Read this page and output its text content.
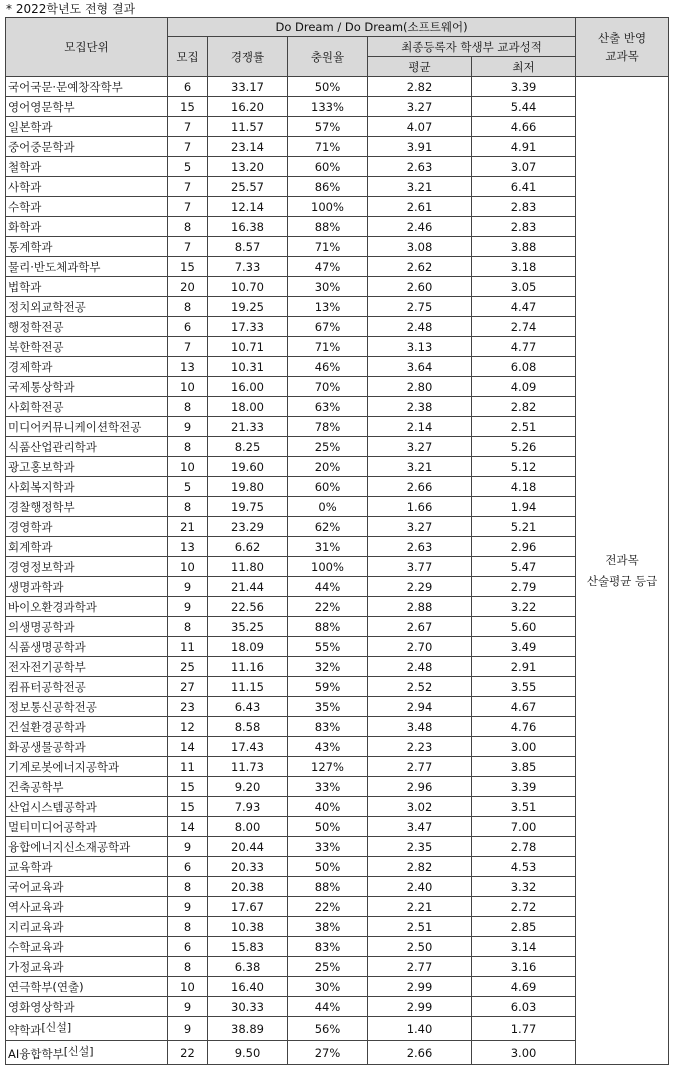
* 2022학년도 전형 결과
모집단위	Do Dream / Do Dream(소프트웨어)					산출 반영
교과목
	모집	경쟁률	충원율	최종등록자 학생부 교과성적		
				평균	최저	
국어국문·문예창작학부	6	33.17	50%	2.82	3.39	전과목
산술평균 등급
영어영문학부	15	16.20	133%	3.27	5.44	
일본학과	7	11.57	57%	4.07	4.66	
중어중문학과	7	23.14	71%	3.91	4.91	
철학과	5	13.20	60%	2.63	3.07	
사학과	7	25.57	86%	3.21	6.41	
수학과	7	12.14	100%	2.61	2.83	
화학과	8	16.38	88%	2.46	2.83	
통계학과	7	8.57	71%	3.08	3.88	
물리·반도체과학부	15	7.33	47%	2.62	3.18	
법학과	20	10.70	30%	2.60	3.05	
정치외교학전공	8	19.25	13%	2.75	4.47	
행정학전공	6	17.33	67%	2.48	2.74	
북한학전공	7	10.71	71%	3.13	4.77	
경제학과	13	10.31	46%	3.64	6.08	
국제통상학과	10	16.00	70%	2.80	4.09	
사회학전공	8	18.00	63%	2.38	2.82	
미디어커뮤니케이션학전공	9	21.33	78%	2.14	2.51	
식품산업관리학과	8	8.25	25%	3.27	5.26	
광고홍보학과	10	19.60	20%	3.21	5.12	
사회복지학과	5	19.80	60%	2.66	4.18	
경찰행정학부	8	19.75	0%	1.66	1.94	
경영학과	21	23.29	62%	3.27	5.21	
회계학과	13	6.62	31%	2.63	2.96	
경영정보학과	10	11.80	100%	3.77	5.47	
생명과학과	9	21.44	44%	2.29	2.79	
바이오환경과학과	9	22.56	22%	2.88	3.22	
의생명공학과	8	35.25	88%	2.67	5.60	
식품생명공학과	11	18.09	55%	2.70	3.49	
전자전기공학부	25	11.16	32%	2.48	2.91	
컴퓨터공학전공	27	11.15	59%	2.52	3.55	
정보통신공학전공	23	6.43	35%	2.94	4.67	
건설환경공학과	12	8.58	83%	3.48	4.76	
화공생물공학과	14	17.43	43%	2.23	3.00	
기계로봇에너지공학과	11	11.73	127%	2.77	3.85	
건축공학부	15	9.20	33%	2.96	3.39	
산업시스템공학과	15	7.93	40%	3.02	3.51	
멀티미디어공학과	14	8.00	50%	3.47	7.00	
융합에너지신소재공학과	9	20.44	33%	2.35	2.78	
교육학과	6	20.33	50%	2.82	4.53	
국어교육과	8	20.38	88%	2.40	3.32	
역사교육과	9	17.67	22%	2.21	2.72	
지리교육과	8	10.38	38%	2.51	2.85	
수학교육과	6	15.83	83%	2.50	3.14	
가정교육과	8	6.38	25%	2.77	3.16	
연극학부(연출)	10	16.40	30%	2.99	4.69	
영화영상학과	9	30.33	44%	2.99	6.03	
약학과[신설]	9	38.89	56%	1.40	1.77	
AI융합학부[신설]	22	9.50	27%	2.66	3.00	
